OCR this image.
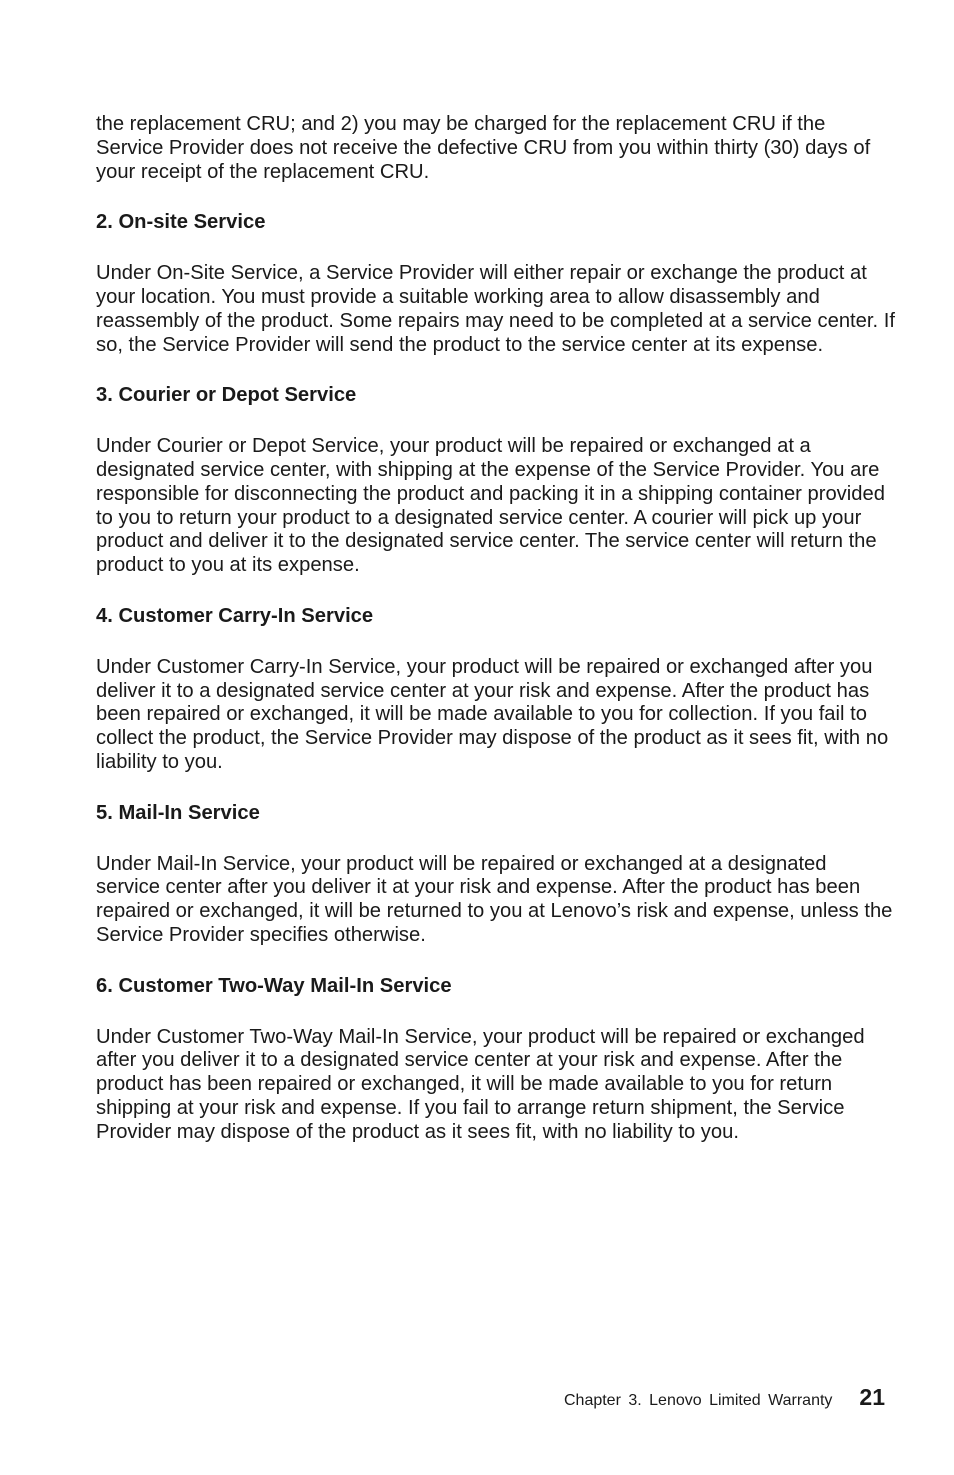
the replacement CRU; and 2) you may be charged for the replacement CRU if the Service Provider does not receive the defective CRU from you within thirty (30) days of your receipt of the replacement CRU.

2. On-site Service

Under On-Site Service, a Service Provider will either repair or exchange the product at your location. You must provide a suitable working area to allow disassembly and reassembly of the product. Some repairs may need to be completed at a service center. If so, the Service Provider will send the product to the service center at its expense.

3. Courier or Depot Service

Under Courier or Depot Service, your product will be repaired or exchanged at a designated service center, with shipping at the expense of the Service Provider. You are responsible for disconnecting the product and packing it in a shipping container provided to you to return your product to a designated service center. A courier will pick up your product and deliver it to the designated service center. The service center will return the product to you at its expense.

4. Customer Carry-In Service

Under Customer Carry-In Service, your product will be repaired or exchanged after you deliver it to a designated service center at your risk and expense. After the product has been repaired or exchanged, it will be made available to you for collection. If you fail to collect the product, the Service Provider may dispose of the product as it sees fit, with no liability to you.

5. Mail-In Service

Under Mail-In Service, your product will be repaired or exchanged at a designated service center after you deliver it at your risk and expense. After the product has been repaired or exchanged, it will be returned to you at Lenovo’s risk and expense, unless the Service Provider specifies otherwise.

6. Customer Two-Way Mail-In Service

Under Customer Two-Way Mail-In Service, your product will be repaired or exchanged after you deliver it to a designated service center at your risk and expense. After the product has been repaired or exchanged, it will be made available to you for return shipping at your risk and expense. If you fail to arrange return shipment, the Service Provider may dispose of the product as it sees fit, with no liability to you.

Chapter 3. Lenovo Limited Warranty 21
